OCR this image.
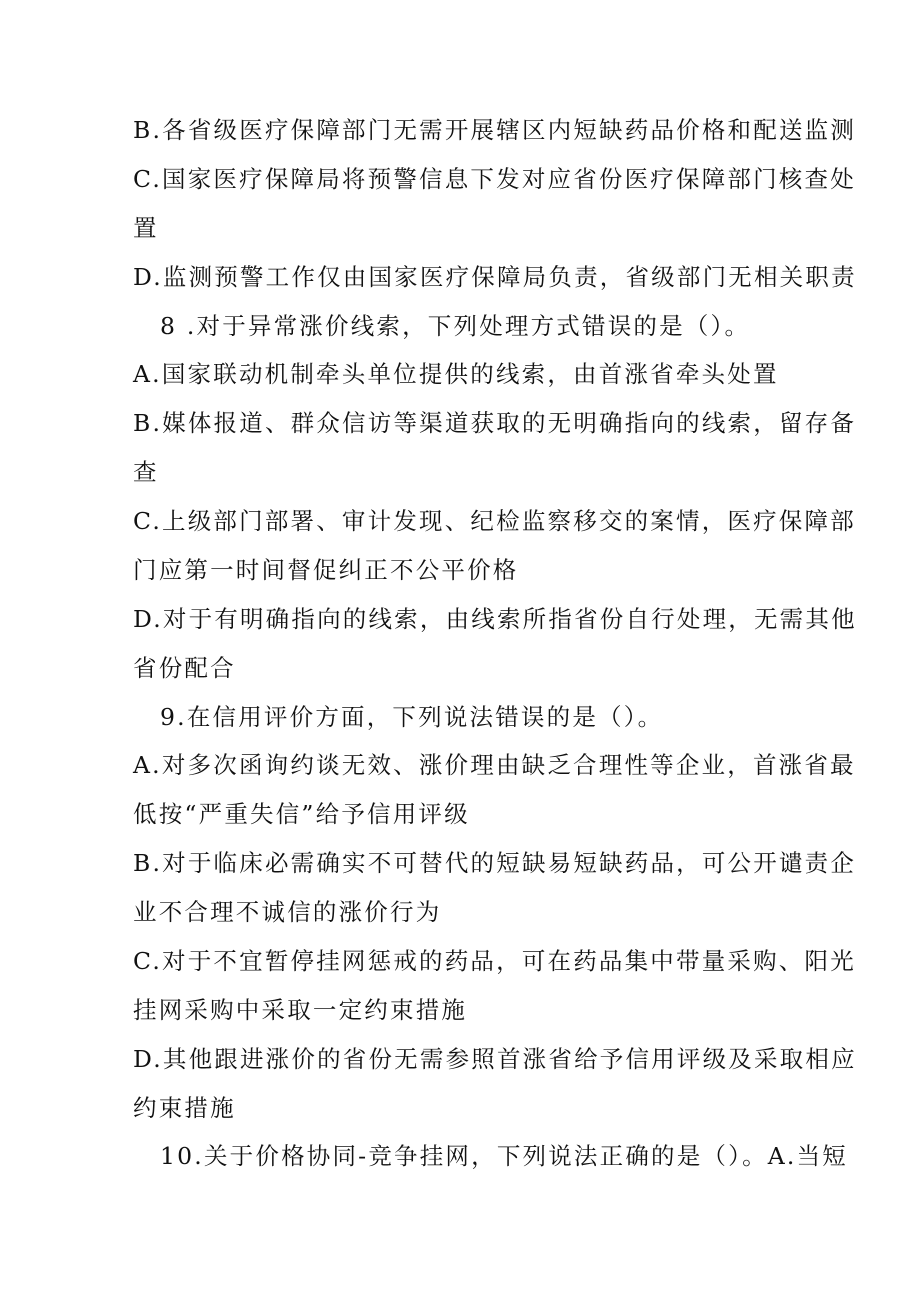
B.各省级医疗保障部门无需开展辖区内短缺药品价格和配送监测
C.国家医疗保障局将预警信息下发对应省份医疗保障部门核查处
置
D.监测预警工作仅由国家医疗保障局负责，省级部门无相关职责
8 .对于异常涨价线索，下列处理方式错误的是（）。
A.国家联动机制牵头单位提供的线索，由首涨省牵头处置
B.媒体报道、群众信访等渠道获取的无明确指向的线索，留存备
查
C.上级部门部署、审计发现、纪检监察移交的案情，医疗保障部
门应第一时间督促纠正不公平价格
D.对于有明确指向的线索，由线索所指省份自行处理，无需其他
省份配合
9.在信用评价方面，下列说法错误的是（）。
A.对多次函询约谈无效、涨价理由缺乏合理性等企业，首涨省最
低按“严重失信”给予信用评级
B.对于临床必需确实不可替代的短缺易短缺药品，可公开谴责企
业不合理不诚信的涨价行为
C.对于不宜暂停挂网惩戒的药品，可在药品集中带量采购、阳光
挂网采购中采取一定约束措施
D.其他跟进涨价的省份无需参照首涨省给予信用评级及采取相应
约束措施
10.关于价格协同-竞争挂网，下列说法正确的是（）。A.当短
